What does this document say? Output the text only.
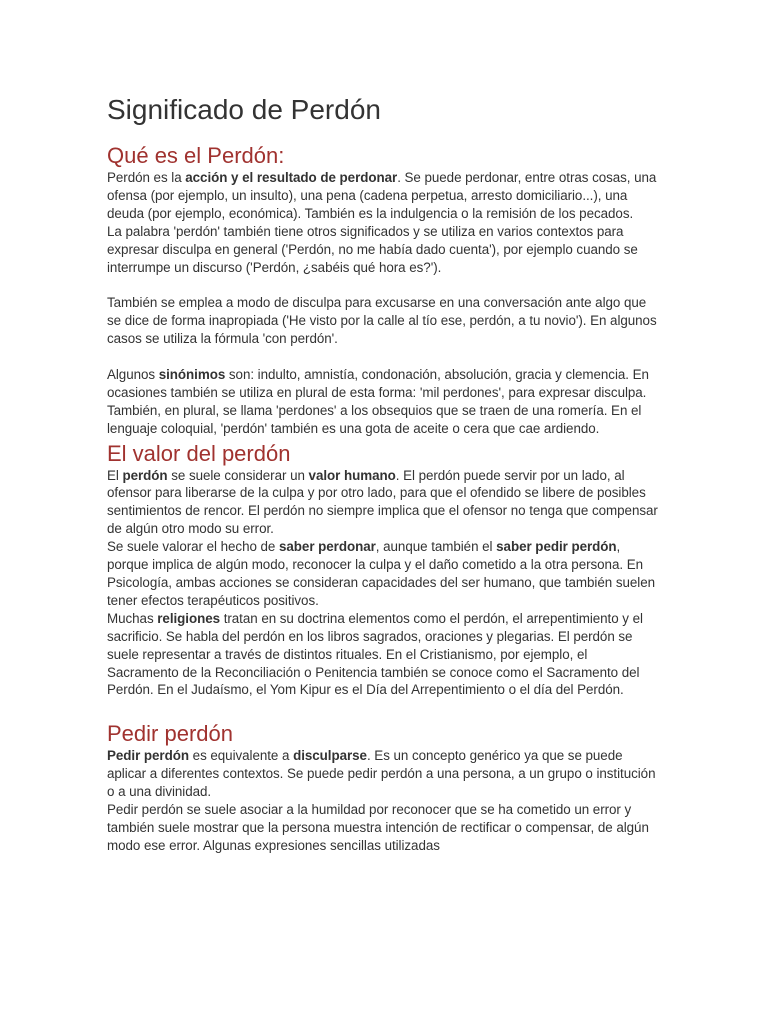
Significado de Perdón
Qué es el Perdón:

Perdón es la acción y el resultado de perdonar. Se puede perdonar, entre otras cosas, una ofensa (por ejemplo, un insulto), una pena (cadena perpetua, arresto domiciliario...), una deuda (por ejemplo, económica). También es la indulgencia o la remisión de los pecados.

La palabra 'perdón' también tiene otros significados y se utiliza en varios contextos para expresar disculpa en general ('Perdón, no me había dado cuenta'), por ejemplo cuando se interrumpe un discurso ('Perdón, ¿sabéis qué hora es?').

También se emplea a modo de disculpa para excusarse en una conversación ante algo que se dice de forma inapropiada ('He visto por la calle al tío ese, perdón, a tu novio'). En algunos casos se utiliza la fórmula 'con perdón'.

Algunos sinónimos son: indulto, amnistía, condonación, absolución, gracia y clemencia. En ocasiones también se utiliza en plural de esta forma: 'mil perdones', para expresar disculpa. También, en plural, se llama 'perdones' a los obsequios que se traen de una romería. En el lenguaje coloquial, 'perdón' también es una gota de aceite o cera que cae ardiendo.

El valor del perdón

El perdón se suele considerar un valor humano. El perdón puede servir por un lado, al ofensor para liberarse de la culpa y por otro lado, para que el ofendido se libere de posibles sentimientos de rencor. El perdón no siempre implica que el ofensor no tenga que compensar de algún otro modo su error.

Se suele valorar el hecho de saber perdonar, aunque también el saber pedir perdón, porque implica de algún modo, reconocer la culpa y el daño cometido a la otra persona. En Psicología, ambas acciones se consideran capacidades del ser humano, que también suelen tener efectos terapéuticos positivos.

Muchas religiones tratan en su doctrina elementos como el perdón, el arrepentimiento y el sacrificio. Se habla del perdón en los libros sagrados, oraciones y plegarias. El perdón se suele representar a través de distintos rituales. En el Cristianismo, por ejemplo, el Sacramento de la Reconciliación o Penitencia también se conoce como el Sacramento del Perdón. En el Judaísmo, el Yom Kipur es el Día del Arrepentimiento o el día del Perdón.

Pedir perdón

Pedir perdón es equivalente a disculparse. Es un concepto genérico ya que se puede aplicar a diferentes contextos. Se puede pedir perdón a una persona, a un grupo o institución o a una divinidad.

Pedir perdón se suele asociar a la humildad por reconocer que se ha cometido un error y también suele mostrar que la persona muestra intención de rectificar o compensar, de algún modo ese error. Algunas expresiones sencillas utilizadas
